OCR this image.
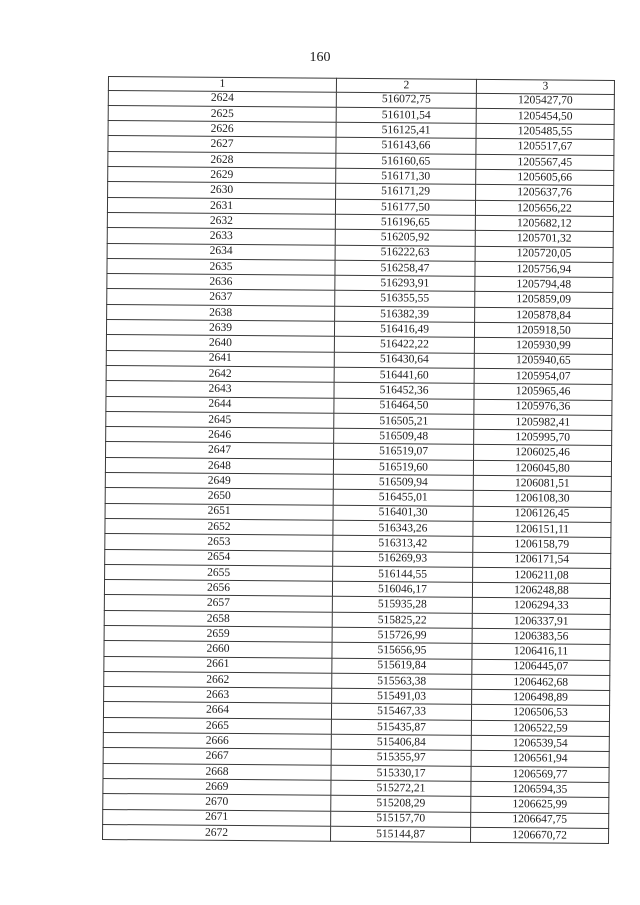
160
1	2	3
2624	516072,75	1205427,70
2625	516101,54	1205454,50
2626	516125,41	1205485,55
2627	516143,66	1205517,67
2628	516160,65	1205567,45
2629	516171,30	1205605,66
2630	516171,29	1205637,76
2631	516177,50	1205656,22
2632	516196,65	1205682,12
2633	516205,92	1205701,32
2634	516222,63	1205720,05
2635	516258,47	1205756,94
2636	516293,91	1205794,48
2637	516355,55	1205859,09
2638	516382,39	1205878,84
2639	516416,49	1205918,50
2640	516422,22	1205930,99
2641	516430,64	1205940,65
2642	516441,60	1205954,07
2643	516452,36	1205965,46
2644	516464,50	1205976,36
2645	516505,21	1205982,41
2646	516509,48	1205995,70
2647	516519,07	1206025,46
2648	516519,60	1206045,80
2649	516509,94	1206081,51
2650	516455,01	1206108,30
2651	516401,30	1206126,45
2652	516343,26	1206151,11
2653	516313,42	1206158,79
2654	516269,93	1206171,54
2655	516144,55	1206211,08
2656	516046,17	1206248,88
2657	515935,28	1206294,33
2658	515825,22	1206337,91
2659	515726,99	1206383,56
2660	515656,95	1206416,11
2661	515619,84	1206445,07
2662	515563,38	1206462,68
2663	515491,03	1206498,89
2664	515467,33	1206506,53
2665	515435,87	1206522,59
2666	515406,84	1206539,54
2667	515355,97	1206561,94
2668	515330,17	1206569,77
2669	515272,21	1206594,35
2670	515208,29	1206625,99
2671	515157,70	1206647,75
2672	515144,87	1206670,72
